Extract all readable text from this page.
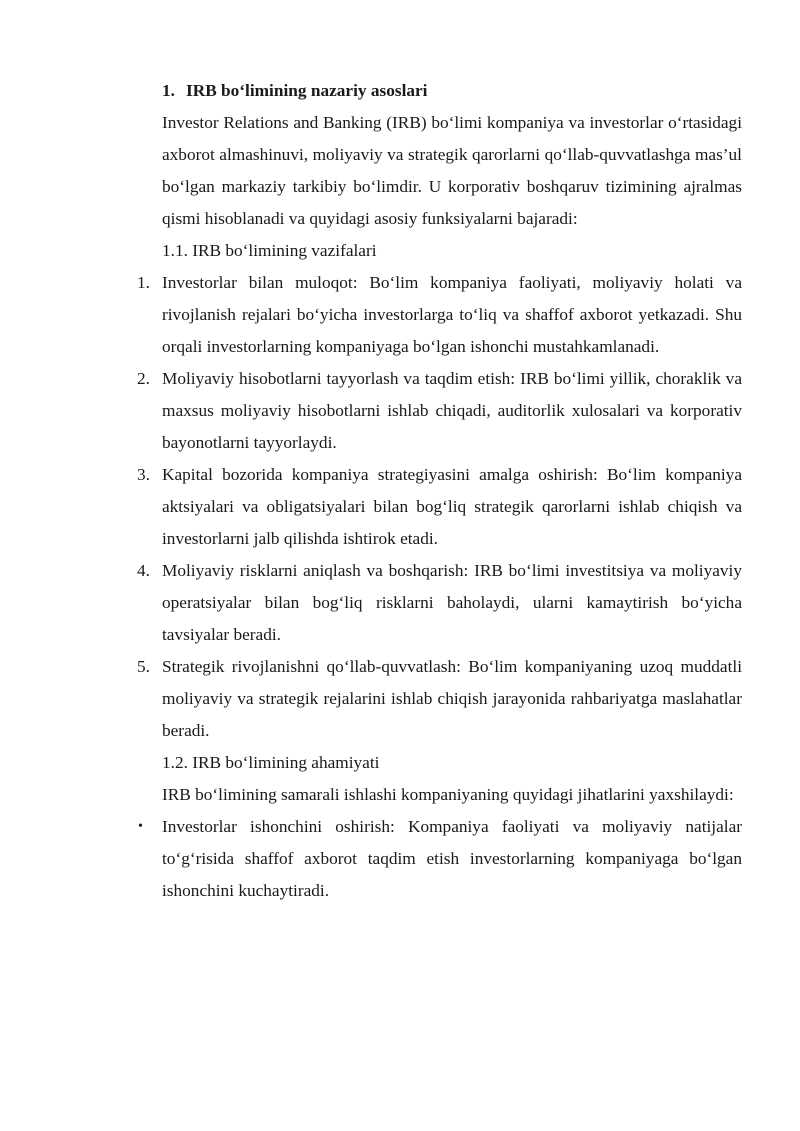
1. IRB bo‘limining nazariy asoslari

Investor Relations and Banking (IRB) bo‘limi kompaniya va investorlar o‘rtasidagi axborot almashinuvi, moliyaviy va strategik qarorlarni qo‘llab-quvvatlashga mas’ul bo‘lgan markaziy tarkibiy bo‘limdir. U korporativ boshqaruv tizimining ajralmas qismi hisoblanadi va quyidagi asosiy funksiyalarni bajaradi:

1.1. IRB bo‘limining vazifalari

1. Investorlar bilan muloqot: Bo‘lim kompaniya faoliyati, moliyaviy holati va rivojlanish rejalari bo‘yicha investorlarga to‘liq va shaffof axborot yetkazadi. Shu orqali investorlarning kompaniyaga bo‘lgan ishonchi mustahkamlanadi.

2. Moliyaviy hisobotlarni tayyorlash va taqdim etish: IRB bo‘limi yillik, choraklik va maxsus moliyaviy hisobotlarni ishlab chiqadi, auditorlik xulosalari va korporativ bayonotlarni tayyorlaydi.

3. Kapital bozorida kompaniya strategiyasini amalga oshirish: Bo‘lim kompaniya aktsiyalari va obligatsiyalari bilan bog‘liq strategik qarorlarni ishlab chiqish va investorlarni jalb qilishda ishtirok etadi.

4. Moliyaviy risklarni aniqlash va boshqarish: IRB bo‘limi investitsiya va moliyaviy operatsiyalar bilan bog‘liq risklarni baholaydi, ularni kamaytirish bo‘yicha tavsiyalar beradi.

5. Strategik rivojlanishni qo‘llab-quvvatlash: Bo‘lim kompaniyaning uzoq muddatli moliyaviy va strategik rejalarini ishlab chiqish jarayonida rahbariyatga maslahatlar beradi.

1.2. IRB bo‘limining ahamiyati

IRB bo‘limining samarali ishlashi kompaniyaning quyidagi jihatlarini yaxshilaydi:

• Investorlar ishonchini oshirish: Kompaniya faoliyati va moliyaviy natijalar to‘g‘risida shaffof axborot taqdim etish investorlarning kompaniyaga bo‘lgan ishonchini kuchaytiradi.
